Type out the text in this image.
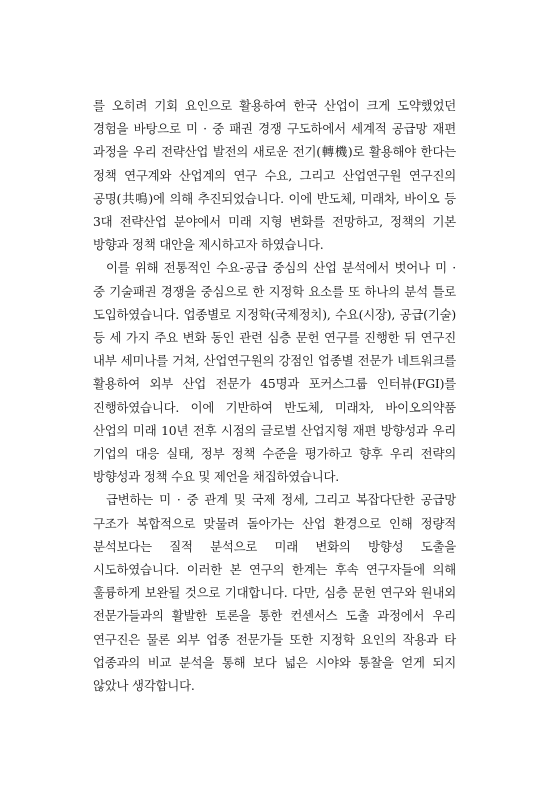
를 오히려 기회 요인으로 활용하여 한국 산업이 크게 도약했었던 경험을 바탕으로 미 · 중 패권 경쟁 구도하에서 세계적 공급망 재편 과정을 우리 전략산업 발전의 새로운 전기(轉機)로 활용해야 한다는 정책 연구계와 산업계의 연구 수요, 그리고 산업연구원 연구진의 공명(共鳴)에 의해 추진되었습니다. 이에 반도체, 미래차, 바이오 등 3대 전략산업 분야에서 미래 지형 변화를 전망하고, 정책의 기본 방향과 정책 대안을 제시하고자 하였습니다.

이를 위해 전통적인 수요-공급 중심의 산업 분석에서 벗어나 미 · 중 기술패권 경쟁을 중심으로 한 지정학 요소를 또 하나의 분석 틀로 도입하였습니다. 업종별로 지정학(국제정치), 수요(시장), 공급(기술) 등 세 가지 주요 변화 동인 관련 심층 문헌 연구를 진행한 뒤 연구진 내부 세미나를 거쳐, 산업연구원의 강점인 업종별 전문가 네트워크를 활용하여 외부 산업 전문가 45명과 포커스그룹 인터뷰(FGI)를 진행하였습니다. 이에 기반하여 반도체, 미래차, 바이오의약품 산업의 미래 10년 전후 시점의 글로벌 산업지형 재편 방향성과 우리 기업의 대응 실태, 정부 정책 수준을 평가하고 향후 우리 전략의 방향성과 정책 수요 및 제언을 채집하였습니다.

급변하는 미 · 중 관계 및 국제 정세, 그리고 복잡다단한 공급망 구조가 복합적으로 맞물려 돌아가는 산업 환경으로 인해 정량적 분석보다는 질적 분석으로 미래 변화의 방향성 도출을 시도하였습니다. 이러한 본 연구의 한계는 후속 연구자들에 의해 훌륭하게 보완될 것으로 기대합니다. 다만, 심층 문헌 연구와 원내외 전문가들과의 활발한 토론을 통한 컨센서스 도출 과정에서 우리 연구진은 물론 외부 업종 전문가들 또한 지정학 요인의 작용과 타 업종과의 비교 분석을 통해 보다 넓은 시야와 통찰을 얻게 되지 않았나 생각합니다.
